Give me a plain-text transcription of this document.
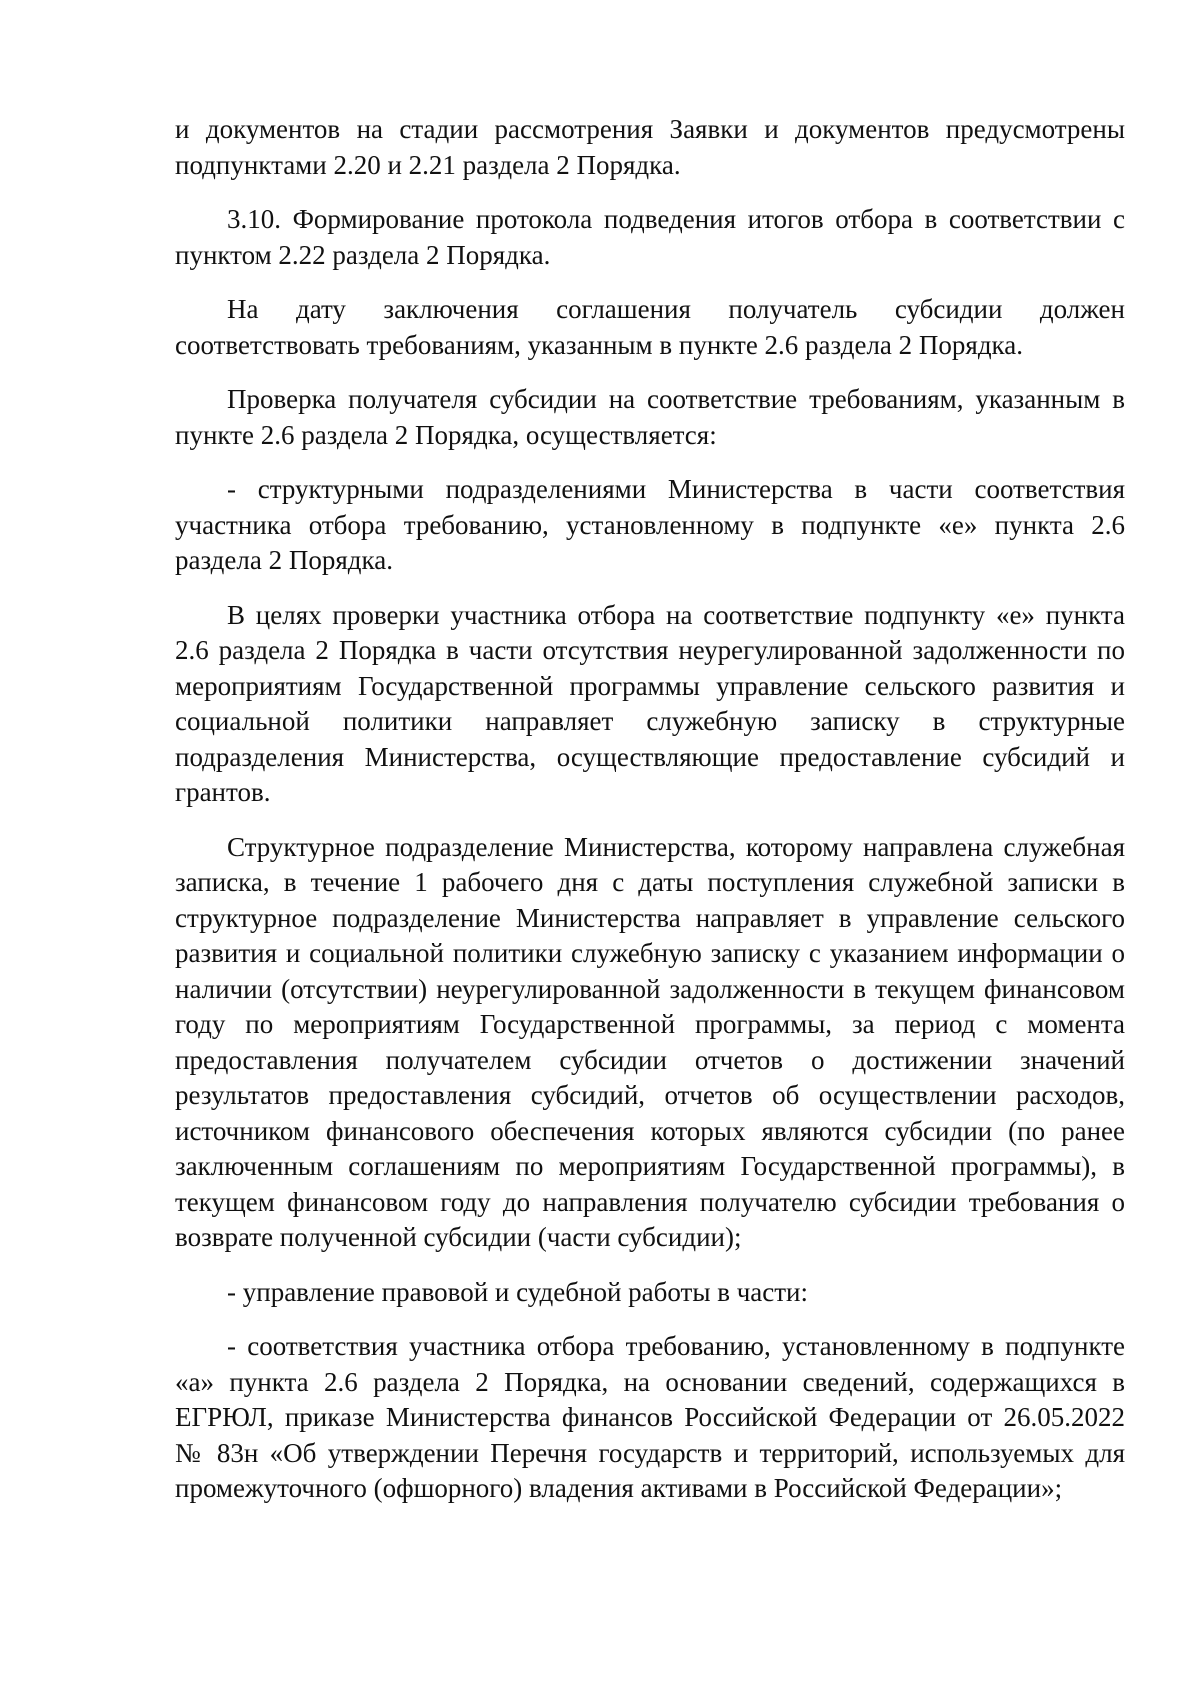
и документов на стадии рассмотрения Заявки и документов предусмотрены подпунктами 2.20 и 2.21 раздела 2 Порядка.

3.10. Формирование протокола подведения итогов отбора в соответствии с пунктом 2.22 раздела 2 Порядка.

На дату заключения соглашения получатель субсидии должен соответствовать требованиям, указанным в пункте 2.6 раздела 2 Порядка.

Проверка получателя субсидии на соответствие требованиям, указанным в пункте 2.6 раздела 2 Порядка, осуществляется:

- структурными подразделениями Министерства в части соответствия участника отбора требованию, установленному в подпункте «е» пункта 2.6 раздела 2 Порядка.

В целях проверки участника отбора на соответствие подпункту «е» пункта 2.6 раздела 2 Порядка в части отсутствия неурегулированной задолженности по мероприятиям Государственной программы управление сельского развития и социальной политики направляет служебную записку в структурные подразделения Министерства, осуществляющие предоставление субсидий и грантов.

Структурное подразделение Министерства, которому направлена служебная записка, в течение 1 рабочего дня с даты поступления служебной записки в структурное подразделение Министерства направляет в управление сельского развития и социальной политики служебную записку с указанием информации о наличии (отсутствии) неурегулированной задолженности в текущем финансовом году по мероприятиям Государственной программы, за период с момента предоставления получателем субсидии отчетов о достижении значений результатов предоставления субсидий, отчетов об осуществлении расходов, источником финансового обеспечения которых являются субсидии (по ранее заключенным соглашениям по мероприятиям Государственной программы), в текущем финансовом году до направления получателю субсидии требования о возврате полученной субсидии (части субсидии);

- управление правовой и судебной работы в части:

- соответствия участника отбора требованию, установленному в подпункте «а» пункта 2.6 раздела 2 Порядка, на основании сведений, содержащихся в ЕГРЮЛ, приказе Министерства финансов Российской Федерации от 26.05.2022 № 83н «Об утверждении Перечня государств и территорий, используемых для промежуточного (офшорного) владения активами в Российской Федерации»;
